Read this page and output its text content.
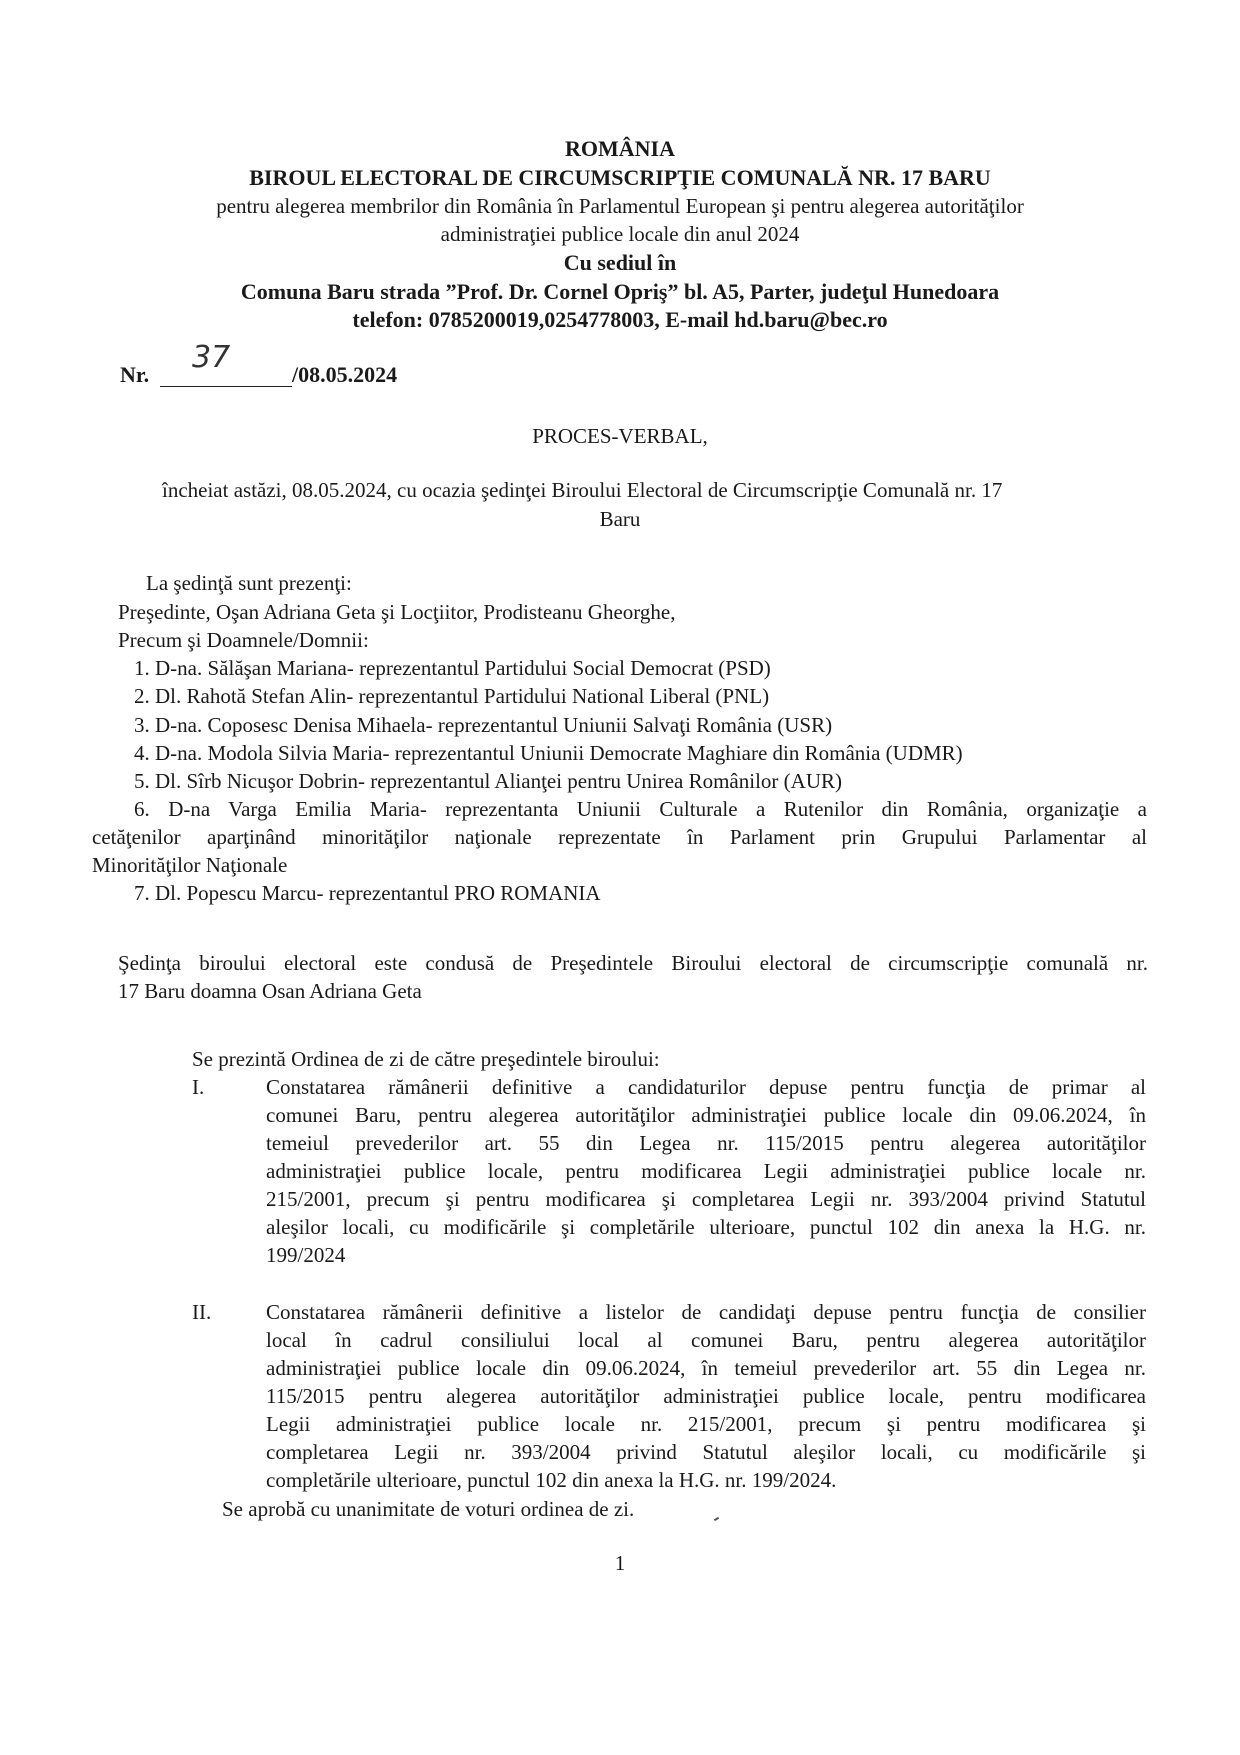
ROMÂNIA
BIROUL ELECTORAL DE CIRCUMSCRIPŢIE COMUNALĂ NR. 17 BARU
pentru alegerea membrilor din România în Parlamentul European şi pentru alegerea autorităţilor
administraţiei publice locale din anul 2024
Cu sediul în
Comuna Baru strada ”Prof. Dr. Cornel Opriş” bl. A5, Parter, judeţul Hunedoara
telefon: 0785200019,0254778003, E-mail hd.baru@bec.ro
Nr. 37	/08.05.2024
PROCES-VERBAL,
încheiat astăzi, 08.05.2024, cu ocazia şedinţei Biroului Electoral de Circumscripţie Comunală nr. 17
Baru
La şedinţă sunt prezenţi:
Preşedinte, Oşan Adriana Geta şi Locţiitor, Prodisteanu Gheorghe,
Precum şi Doamnele/Domnii:
1. D-na. Sălăşan Mariana- reprezentantul Partidului Social Democrat (PSD)
2. Dl. Rahotă Stefan Alin- reprezentantul Partidului National Liberal (PNL)
3. D-na. Coposesc Denisa Mihaela- reprezentantul Uniunii Salvaţi România (USR)
4. D-na. Modola Silvia Maria- reprezentantul Uniunii Democrate Maghiare din România (UDMR)
5. Dl. Sîrb Nicuşor Dobrin- reprezentantul Alianţei pentru Unirea Românilor (AUR)
6. D-na Varga Emilia Maria- reprezentanta Uniunii Culturale a Rutenilor din România, organizaţie a
cetăţenilor aparţinând minorităţilor naţionale reprezentate în Parlament prin Grupului Parlamentar al
Minorităţilor Naţionale
7. Dl. Popescu Marcu- reprezentantul PRO ROMANIA
Şedinţa biroului electoral este condusă de Preşedintele Biroului electoral de circumscripţie comunală nr.
17 Baru doamna Osan Adriana Geta
Se prezintă Ordinea de zi de către preşedintele biroului:
I.	Constatarea rămânerii definitive a candidaturilor depuse pentru funcţia de primar al
comunei Baru, pentru alegerea autorităţilor administraţiei publice locale din 09.06.2024, în
temeiul prevederilor art. 55 din Legea nr. 115/2015 pentru alegerea autorităţilor
administraţiei publice locale, pentru modificarea Legii administraţiei publice locale nr.
215/2001, precum şi pentru modificarea şi completarea Legii nr. 393/2004 privind Statutul
aleşilor locali, cu modificările şi completările ulterioare, punctul 102 din anexa la H.G. nr.
199/2024
II.	Constatarea rămânerii definitive a listelor de candidaţi depuse pentru funcţia de consilier
local în cadrul consiliului local al comunei Baru, pentru alegerea autorităţilor
administraţiei publice locale din 09.06.2024, în temeiul prevederilor art. 55 din Legea nr.
115/2015 pentru alegerea autorităţilor administraţiei publice locale, pentru modificarea
Legii administraţiei publice locale nr. 215/2001, precum şi pentru modificarea şi
completarea Legii nr. 393/2004 privind Statutul aleşilor locali, cu modificările şi
completările ulterioare, punctul 102 din anexa la H.G. nr. 199/2024.
Se aprobă cu unanimitate de voturi ordinea de zi.
1
